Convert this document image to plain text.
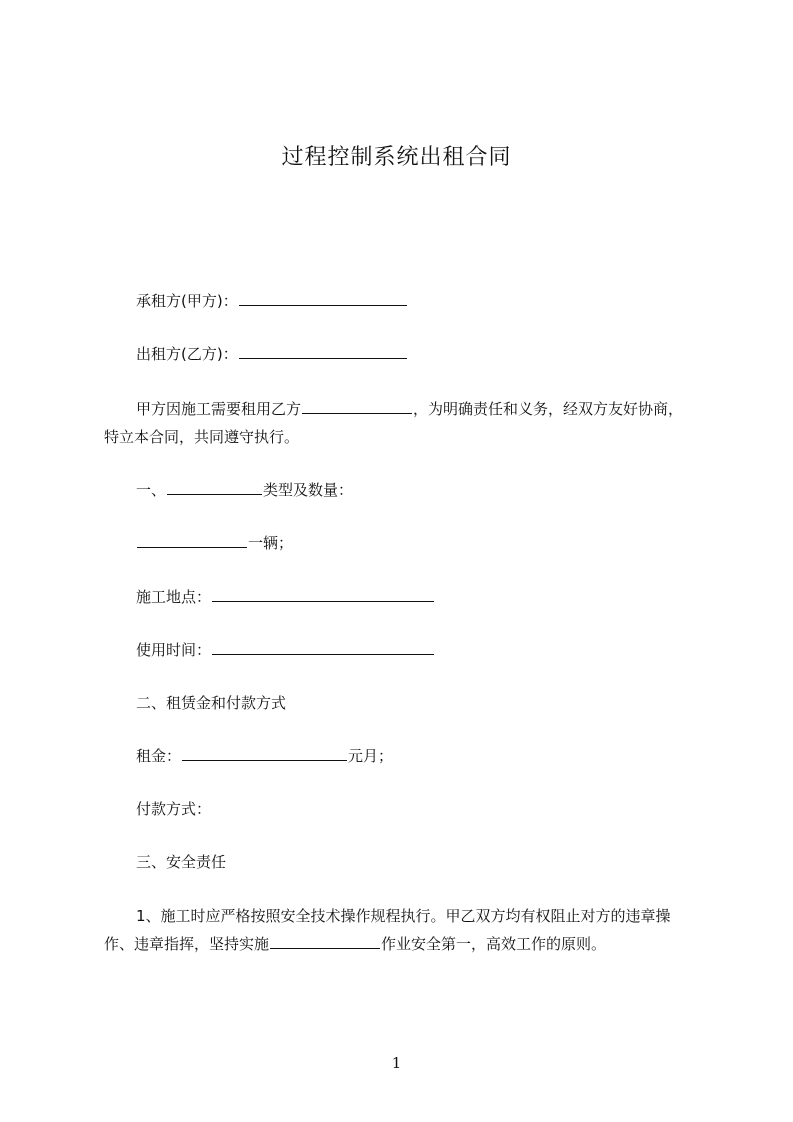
过程控制系统出租合同
承租方(甲方)：
出租方(乙方)：
甲方因施工需要租用乙方	，为明确责任和义务，经双方友好协商，
特立本合同，共同遵守执行。
一、	类型及数量：
一辆；
施工地点：
使用时间：
二、租赁金和付款方式
租金：	元月；
付款方式：
三、安全责任
1、施工时应严格按照安全技术操作规程执行。甲乙双方均有权阻止对方的违章操
作、违章指挥，坚持实施	作业安全第一，高效工作的原则。
1
